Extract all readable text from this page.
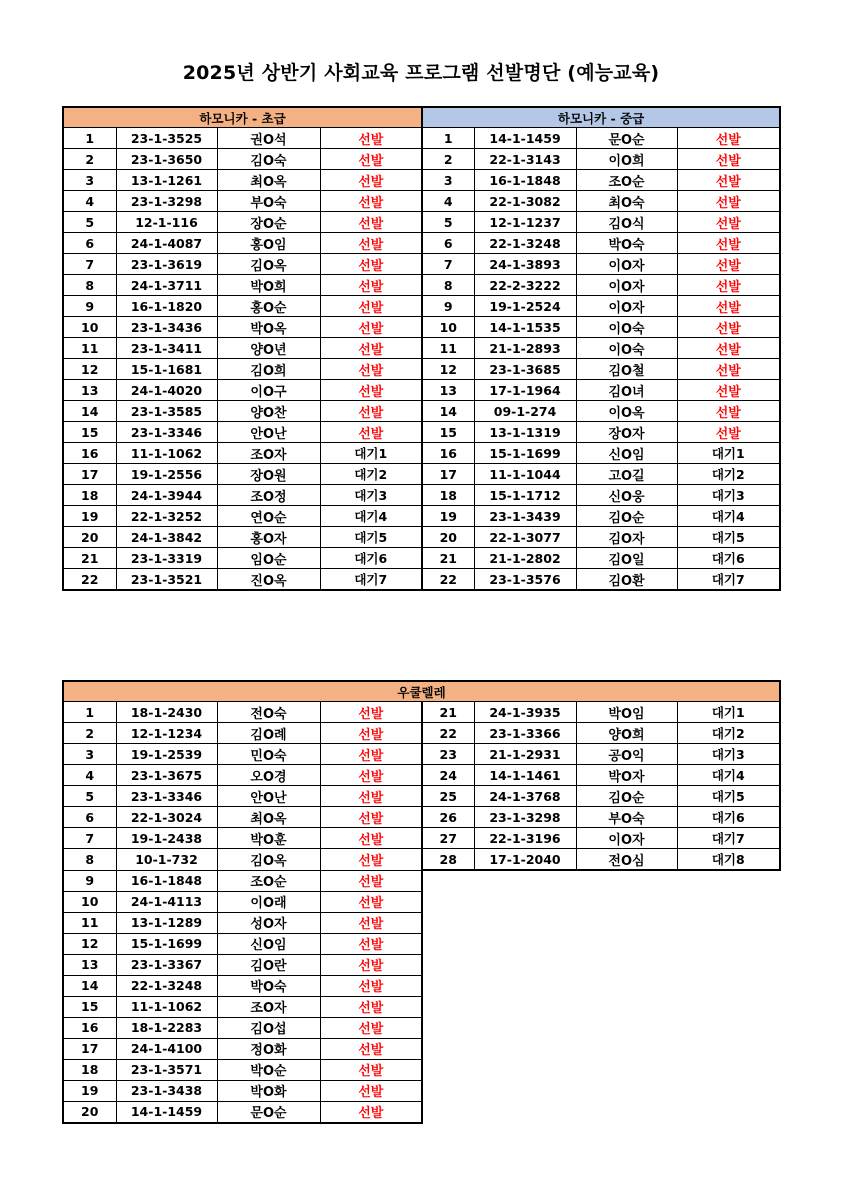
2025년 상반기 사회교육 프로그램 선발명단 (예능교육)
하모니카 - 초급				하모니카 - 중급			
1	23-1-3525	권O석	선발	1	14-1-1459	문O순	선발
2	23-1-3650	김O숙	선발	2	22-1-3143	이O희	선발
3	13-1-1261	최O옥	선발	3	16-1-1848	조O순	선발
4	23-1-3298	부O숙	선발	4	22-1-3082	최O숙	선발
5	12-1-116	장O순	선발	5	12-1-1237	김O식	선발
6	24-1-4087	홍O임	선발	6	22-1-3248	박O숙	선발
7	23-1-3619	김O옥	선발	7	24-1-3893	이O자	선발
8	24-1-3711	박O희	선발	8	22-2-3222	이O자	선발
9	16-1-1820	홍O순	선발	9	19-1-2524	이O자	선발
10	23-1-3436	박O옥	선발	10	14-1-1535	이O숙	선발
11	23-1-3411	양O년	선발	11	21-1-2893	이O숙	선발
12	15-1-1681	김O희	선발	12	23-1-3685	김O철	선발
13	24-1-4020	이O구	선발	13	17-1-1964	김O녀	선발
14	23-1-3585	양O찬	선발	14	09-1-274	이O옥	선발
15	23-1-3346	안O난	선발	15	13-1-1319	장O자	선발
16	11-1-1062	조O자	대기1	16	15-1-1699	신O임	대기1
17	19-1-2556	장O원	대기2	17	11-1-1044	고O길	대기2
18	24-1-3944	조O정	대기3	18	15-1-1712	신O웅	대기3
19	22-1-3252	연O순	대기4	19	23-1-3439	김O순	대기4
20	24-1-3842	홍O자	대기5	20	22-1-3077	김O자	대기5
21	23-1-3319	임O순	대기6	21	21-1-2802	김O일	대기6
22	23-1-3521	진O옥	대기7	22	23-1-3576	김O환	대기7
우쿨렐레							
1	18-1-2430	전O숙	선발	21	24-1-3935	박O임	대기1
2	12-1-1234	김O례	선발	22	23-1-3366	양O희	대기2
3	19-1-2539	민O숙	선발	23	21-1-2931	공O익	대기3
4	23-1-3675	오O경	선발	24	14-1-1461	박O자	대기4
5	23-1-3346	안O난	선발	25	24-1-3768	김O순	대기5
6	22-1-3024	최O옥	선발	26	23-1-3298	부O숙	대기6
7	19-1-2438	박O훈	선발	27	22-1-3196	이O자	대기7
8	10-1-732	김O옥	선발	28	17-1-2040	전O심	대기8
9	16-1-1848	조O순	선발				
10	24-1-4113	이O래	선발				
11	13-1-1289	성O자	선발				
12	15-1-1699	신O임	선발				
13	23-1-3367	김O란	선발				
14	22-1-3248	박O숙	선발				
15	11-1-1062	조O자	선발				
16	18-1-2283	김O섭	선발				
17	24-1-4100	정O화	선발				
18	23-1-3571	박O순	선발				
19	23-1-3438	박O화	선발				
20	14-1-1459	문O순	선발				
